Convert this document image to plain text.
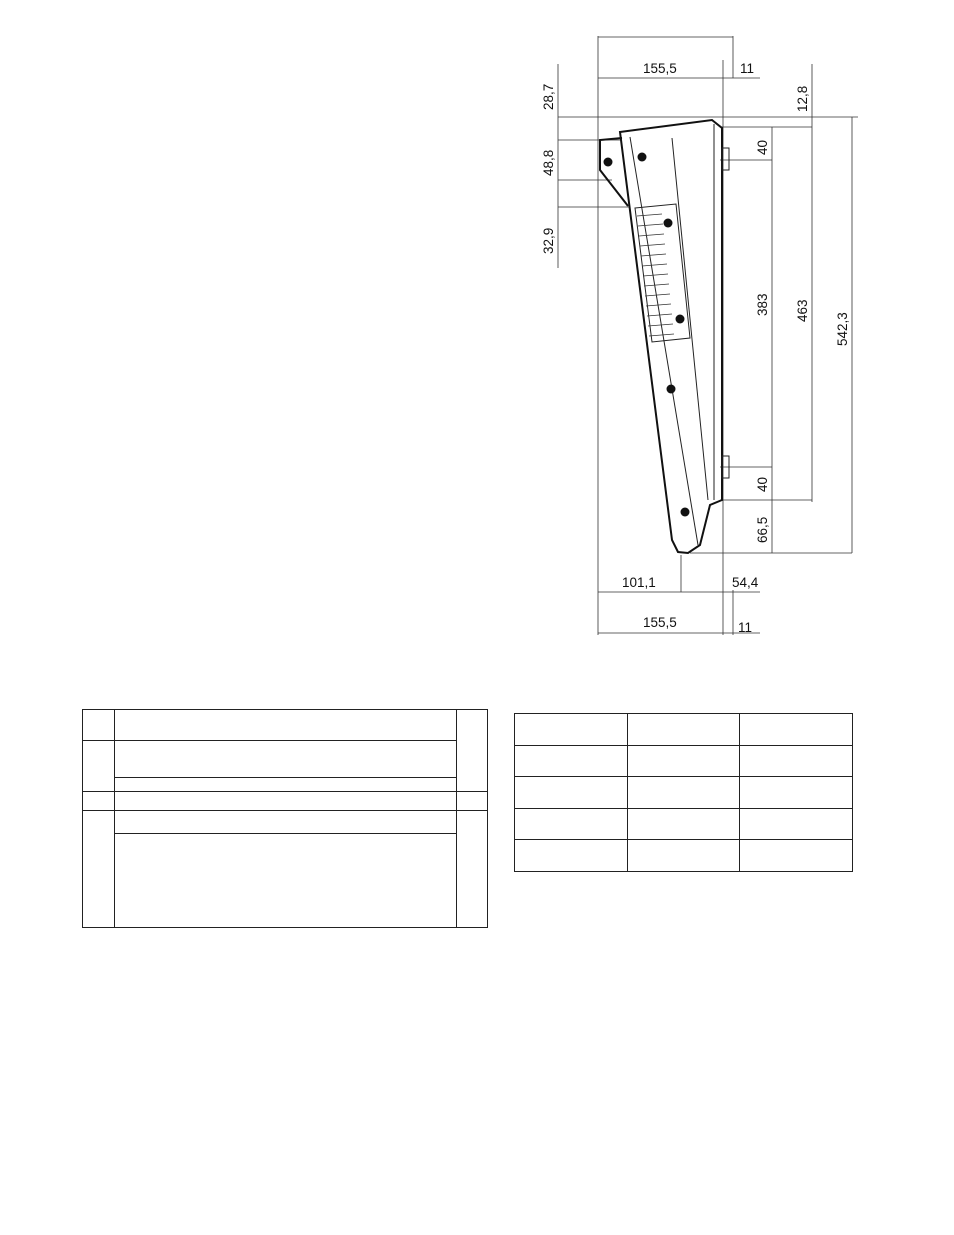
155,5	11
28,7
48,8
32,9
12,8
40
383 463
542,3
40
66,5
101,1	54,4
155,5	11
